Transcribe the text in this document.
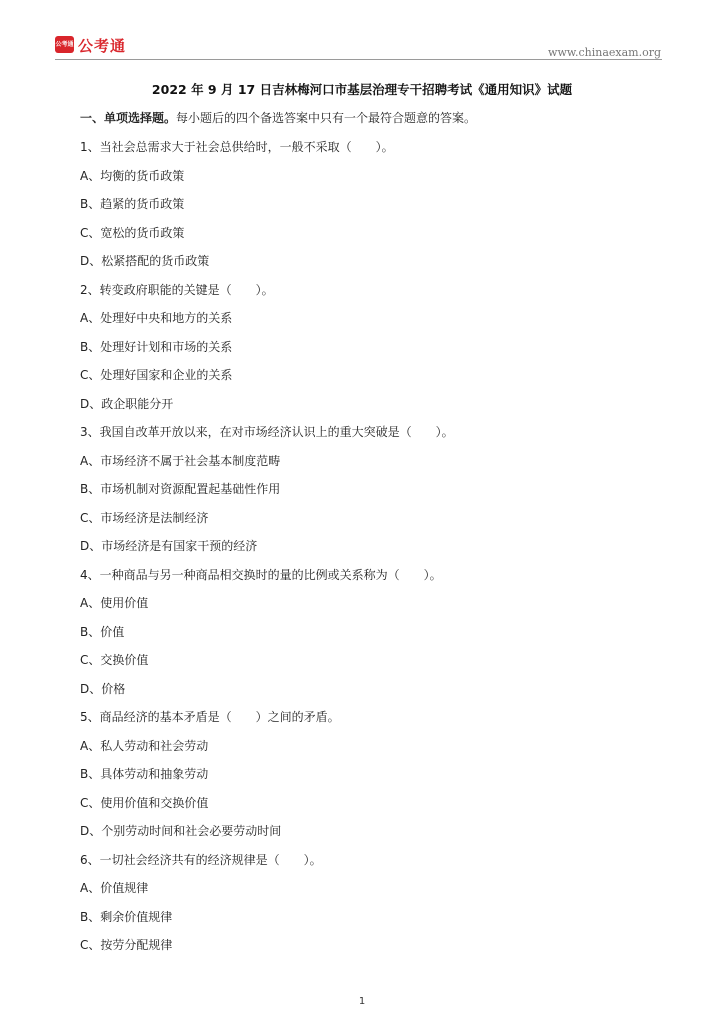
公考通 公考通	www.chinaexam.org
2022 年 9 月 17 日吉林梅河口市基层治理专干招聘考试《通用知识》试题
一、单项选择题。每小题后的四个备选答案中只有一个最符合题意的答案。
1、当社会总需求大于社会总供给时，一般不采取（　　）。
A、均衡的货币政策
B、趋紧的货币政策
C、宽松的货币政策
D、松紧搭配的货币政策
2、转变政府职能的关键是（　　）。
A、处理好中央和地方的关系
B、处理好计划和市场的关系
C、处理好国家和企业的关系
D、政企职能分开
3、我国自改革开放以来，在对市场经济认识上的重大突破是（　　）。
A、市场经济不属于社会基本制度范畴
B、市场机制对资源配置起基础性作用
C、市场经济是法制经济
D、市场经济是有国家干预的经济
4、一种商品与另一种商品相交换时的量的比例或关系称为（　　）。
A、使用价值
B、价值
C、交换价值
D、价格
5、商品经济的基本矛盾是（　　）之间的矛盾。
A、私人劳动和社会劳动
B、具体劳动和抽象劳动
C、使用价值和交换价值
D、个别劳动时间和社会必要劳动时间
6、一切社会经济共有的经济规律是（　　）。
A、价值规律
B、剩余价值规律
C、按劳分配规律
1
